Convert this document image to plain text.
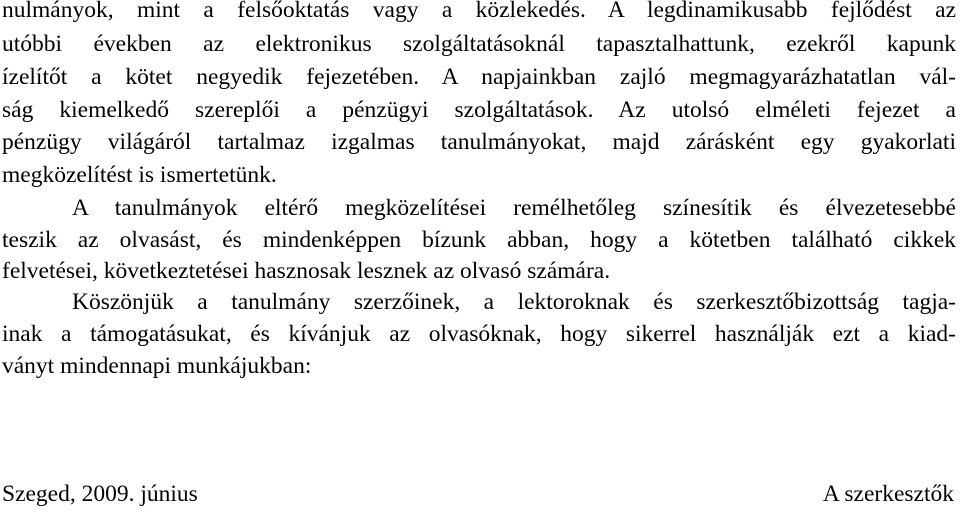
nulmányok, mint a felsőoktatás vagy a közlekedés. A legdinamikusabb fejlődést az
utóbbi években az elektronikus szolgáltatásoknál tapasztalhattunk, ezekről kapunk
ízelítőt a kötet negyedik fejezetében. A napjainkban zajló megmagyarázhatatlan vál-
ság kiemelkedő szereplői a pénzügyi szolgáltatások. Az utolsó elméleti fejezet a
pénzügy világáról tartalmaz izgalmas tanulmányokat, majd zárásként egy gyakorlati
megközelítést is ismertetünk.
A tanulmányok eltérő megközelítései remélhetőleg színesítik és élvezetesebbé
teszik az olvasást, és mindenképpen bízunk abban, hogy a kötetben található cikkek
felvetései, következtetései hasznosak lesznek az olvasó számára.
Köszönjük a tanulmány szerzőinek, a lektoroknak és szerkesztőbizottság tagja-
inak a támogatásukat, és kívánjuk az olvasóknak, hogy sikerrel használják ezt a kiad-
ványt mindennapi munkájukban:
Szeged, 2009. június	A szerkesztők
